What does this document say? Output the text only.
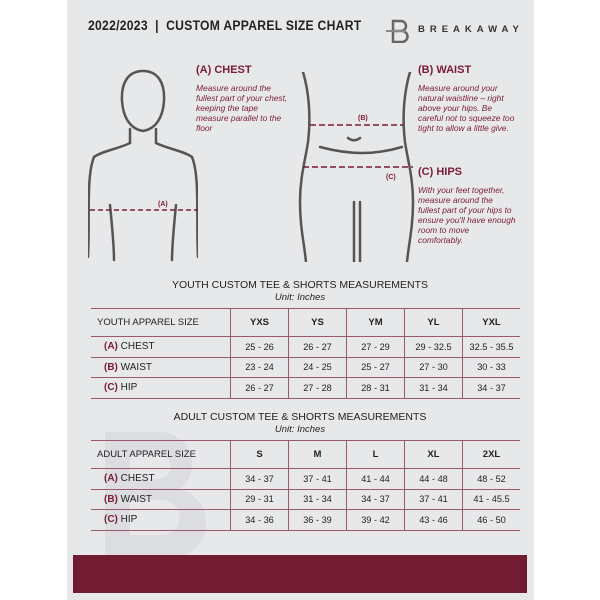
2022/2023  |  CUSTOM APPAREL SIZE CHART	BREAKAWAY
(A)
(B)
(C)
(A) CHEST
Measure around the fullest part of your chest, keeping the tape measure parallel to the floor
(B) WAIST
Measure around your natural waistline – right above your hips. Be careful not to squeeze too tight to allow a little give.
(C) HIPS
With your feet together, measure around the fullest part of your hips to ensure you'll have enough room to move comfortably.
YOUTH CUSTOM TEE & SHORTS MEASUREMENTS
Unit: Inches
YOUTH APPAREL SIZE	YXS	YS	YM	YL	YXL
(A) CHEST	25 - 26	26 - 27	27 - 29	29 - 32.5	32.5 - 35.5
(B) WAIST	23 - 24	24 - 25	25 - 27	27 - 30	30 - 33
(C) HIP	26 - 27	27 - 28	28 - 31	31 - 34	34 - 37
ADULT CUSTOM TEE & SHORTS MEASUREMENTS
Unit: Inches
ADULT APPAREL SIZE	S	M	L	XL	2XL
(A) CHEST	34 - 37	37 - 41	41 - 44	44 - 48	48 - 52
(B) WAIST	29 - 31	31 - 34	34 - 37	37 - 41	41 - 45.5
(C) HIP	34 - 36	36 - 39	39 - 42	43 - 46	46 - 50
